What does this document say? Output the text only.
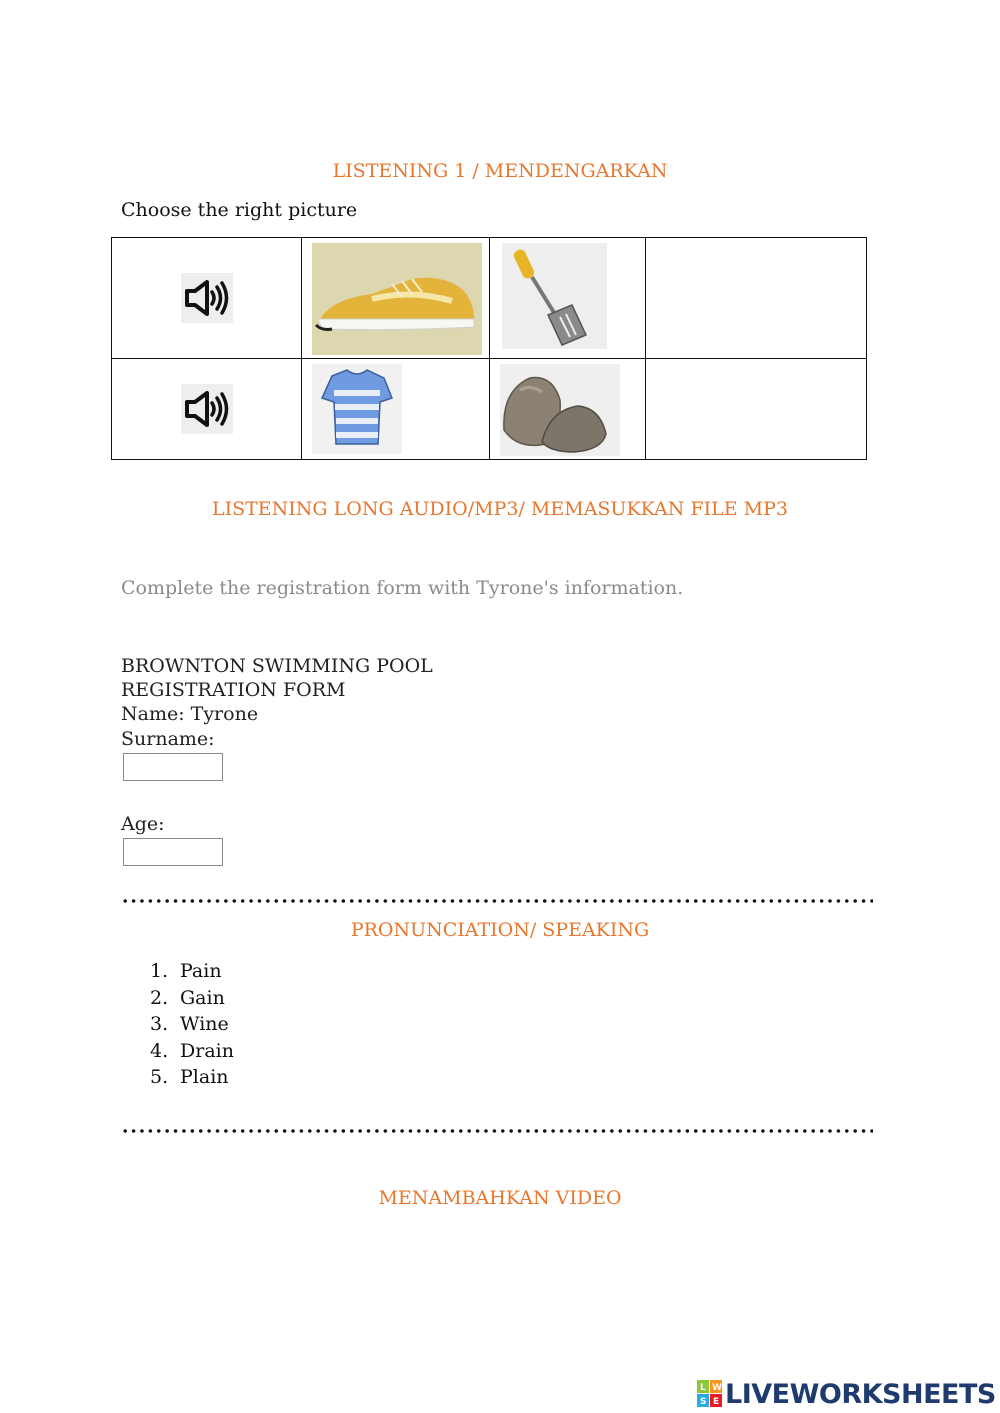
LISTENING 1 / MENDENGARKAN
Choose the right picture

LISTENING LONG AUDIO/MP3/ MEMASUKKAN FILE MP3
Complete the registration form with Tyrone's information.
BROWNTON SWIMMING POOL
REGISTRATION FORM
Name: Tyrone
Surname:
Age:
PRONUNCIATION/ SPEAKING
1. Pain
2. Gain
3. Wine
4. Drain
5. Plain
MENAMBAHKAN VIDEO
L W
S E LIVEWORKSHEETS
